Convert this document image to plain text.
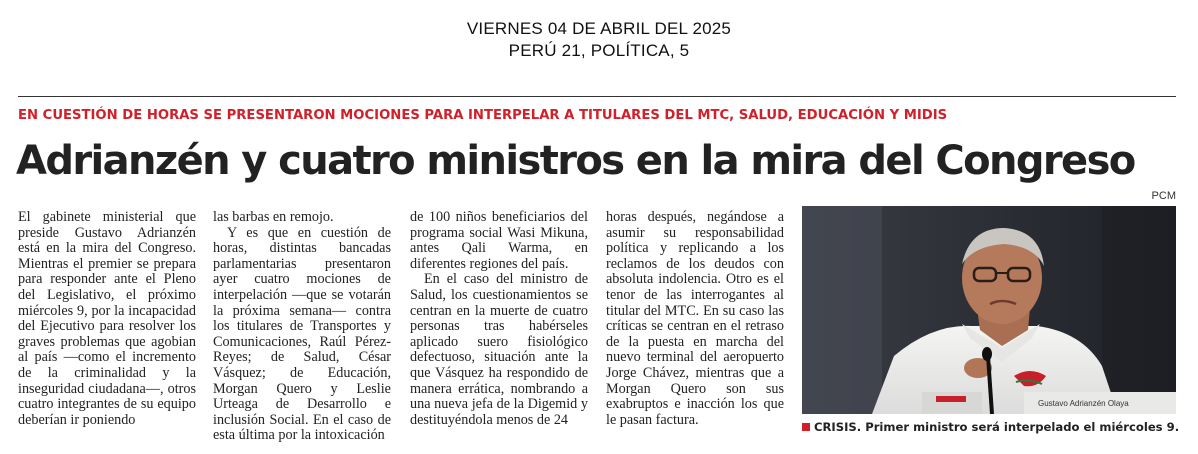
VIERNES 04 DE ABRIL DEL 2025
PERÚ 21, POLÍTICA, 5
EN CUESTIÓN DE HORAS SE PRESENTARON MOCIONES PARA INTERPELAR A TITULARES DEL MTC, SALUD, EDUCACIÓN Y MIDIS
Adrianzén y cuatro ministros en la mira del Congreso

El gabinete ministerial que preside Gustavo Adrianzén está en la mira del Congreso. Mientras el premier se prepara para responder ante el Pleno del Legislativo, el próximo miércoles 9, por la incapacidad del Ejecutivo para resolver los graves problemas que agobian al país —como el incremento de la criminalidad y la inseguridad ciudadana—, otros cuatro integrantes de su equipo deberían ir poniendo

las barbas en remojo.

Y es que en cuestión de horas, distintas bancadas parlamentarias presentaron ayer cuatro mociones de interpelación —que se votarán la próxima semana— contra los titulares de Transportes y Comunicaciones, Raúl Pérez-Reyes; de Salud, César Vásquez; de Educación, Morgan Quero y Leslie Urteaga de Desarrollo e inclusión Social. En el caso de esta última por la intoxicación

de 100 niños beneficiarios del programa social Wasi Mikuna, antes Qali Warma, en diferentes regiones del país.

En el caso del ministro de Salud, los cuestionamientos se centran en la muerte de cuatro personas tras habérseles aplicado suero fisiológico defectuoso, situación ante la que Vásquez ha respondido de manera errática, nombrando a una nueva jefa de la Digemid y destituyéndola menos de 24

horas después, negándose a asumir su responsabilidad política y replicando a los reclamos de los deudos con absoluta indolencia. Otro es el tenor de las interrogantes al titular del MTC. En su caso las críticas se centran en el retraso de la puesta en marcha del nuevo terminal del aeropuerto Jorge Chávez, mientras que a Morgan Quero son sus exabruptos e inacción los que le pasan factura.

PCM
Gustavo Adrianzén Olaya
CRISIS. Primer ministro será interpelado el miércoles 9.
